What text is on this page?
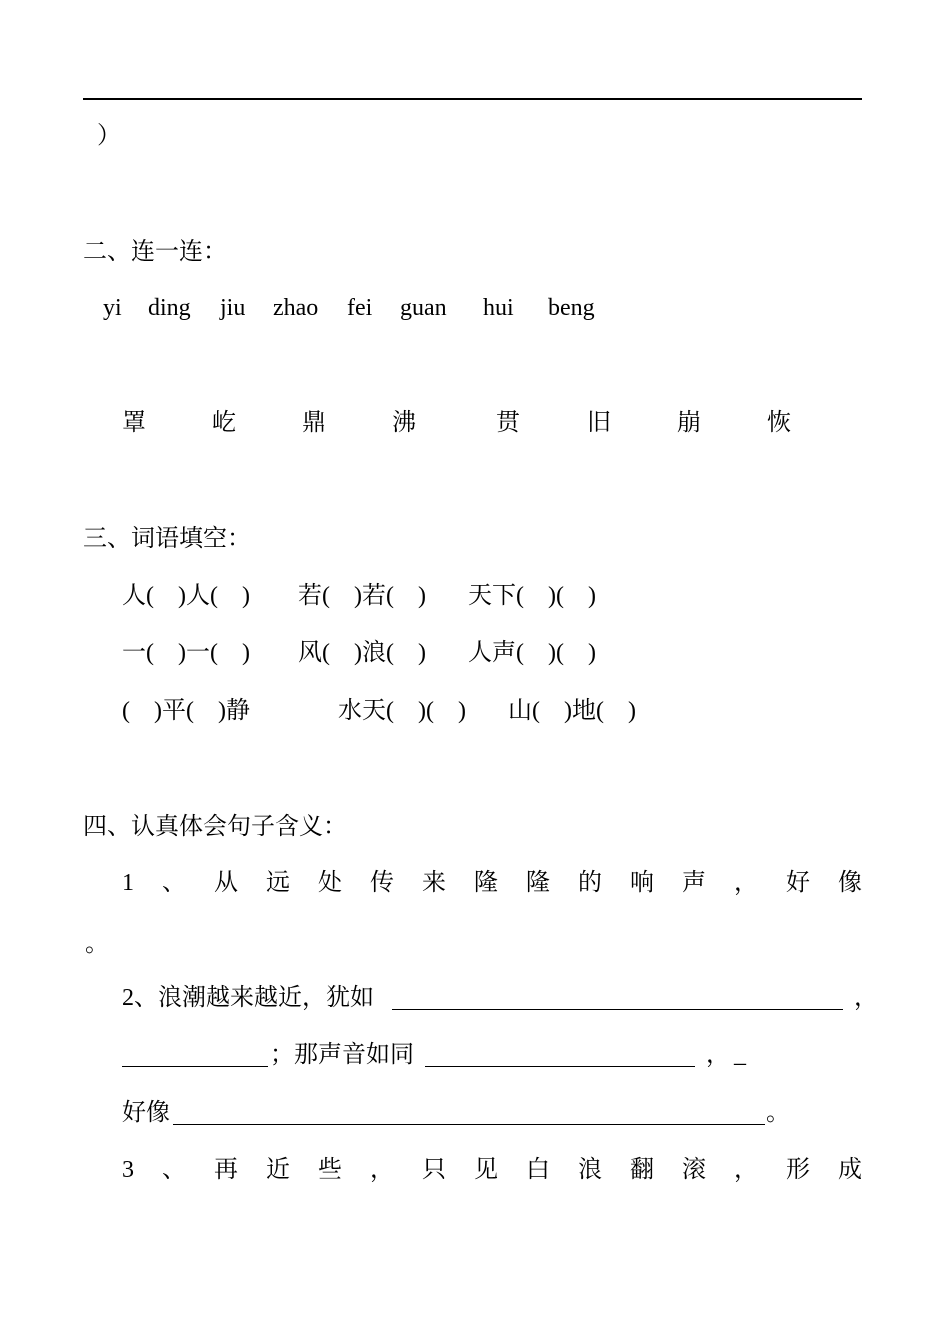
）
二、连一连：
yi ding jiu zhao fei guan hui beng
罩	屹	鼎	沸	贯	旧	崩	恢
三、词语填空：
人(    )人(    ) 若(    )若(    ) 天下(    )(    )
一(    )一(    ) 风(    )浪(    ) 人声(    )(    )
(    )平(    )静	水天(    )(    ) 山(    )地(    )
四、认真体会句子含义：
1 、 从 远 处 传 来 隆 隆 的 响 声 ， 好 像
。
2、浪潮越来越近，犹如	，
；那声音如同	， _
好像	。
3 、 再 近 些 ， 只 见 白 浪 翻 滚 ， 形 成
